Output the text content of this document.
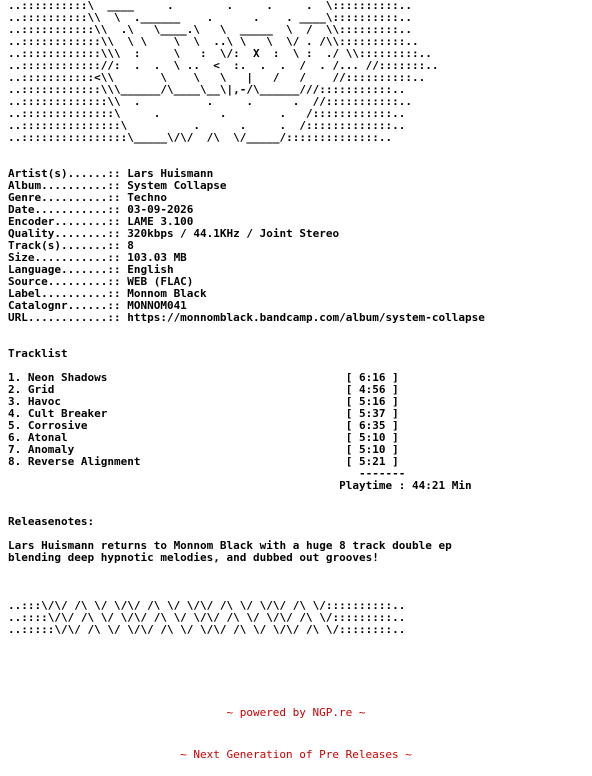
..::::::::::\  ____     .        .     .     .  \::::::::::..
..::::::::::\\  \  .______    .      .    . ____\::::::::::..
..:::::::::::\\  .\   \____.\   \  _____  \  /  \\:::::::::..
..::::::::::::\\  \ \    \  \  ..\ \   \  \/ . /\\::::::::::..
..::::::::::::\\\  :     \   :  \/:  X  :  \ :  ./ \\:::::::::..
..:::::::::::://:  .  .  \ ..  <  :.  .  .  /  . /... //:::::::..
..:::::::::::<\\       \    \   \   |   /   /    //::::::::::..
..::::::::::::\\\______/\____\__\|,-/\______///:::::::::::..
..:::::::::::::\\  .          .     .      .  //:::::::::::..
..::::::::::::::\     .         .        .   /::::::::::::..
..:::::::::::::::\          .      .     .  /:::::::::::::..
..::::::::::::::::\_____\/\/  /\  \/_____/::::::::::::::..
Artist(s)......:: Lars Huismann
Album..........:: System Collapse
Genre..........:: Techno
Date...........:: 03-09-2026
Encoder........:: LAME 3.100
Quality........:: 320kbps / 44.1KHz / Joint Stereo
Track(s).......:: 8
Size...........:: 103.03 MB
Language.......:: English
Source.........:: WEB (FLAC)
Label..........:: Monnom Black
Catalognr......:: MONNOM041
URL............:: https://monnomblack.bandcamp.com/album/system-collapse
Tracklist
1. Neon Shadows                                    [ 6:16 ]
2. Grid                                            [ 4:56 ]
3. Havoc                                           [ 5:16 ]
4. Cult Breaker                                    [ 5:37 ]
5. Corrosive                                       [ 6:35 ]
6. Atonal                                          [ 5:10 ]
7. Anomaly                                         [ 5:10 ]
8. Reverse Alignment                               [ 5:21 ]
-------
Playtime : 44:21 Min
Releasenotes:
Lars Huismann returns to Monnom Black with a huge 8 track double ep
blending deep hypnotic melodies, and dubbed out grooves!
..:::\/\/ /\ \/ \/\/ /\ \/ \/\/ /\ \/ \/\/ /\ \/::::::::::..
..::::\/\/ /\ \/ \/\/ /\ \/ \/\/ /\ \/ \/\/ /\ \/:::::::::..
..:::::\/\/ /\ \/ \/\/ /\ \/ \/\/ /\ \/ \/\/ /\ \/::::::::..

~ powered by NGP.re ~

~ Next Generation of Pre Releases ~
